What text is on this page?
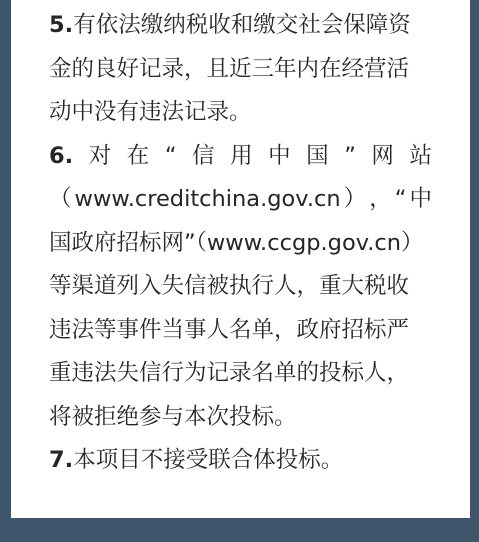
5.有依法缴纳税收和缴交社会保障资
金的良好记录，且近三年内在经营活
动中没有违法记录。
6. 对 在 “ 信 用 中 国 ” 网 站
（ www.creditchina.gov.cn ） ， “ 中
国政府招标网”（www.ccgp.gov.cn）
等渠道列入失信被执行人，重大税收
违法等事件当事人名单，政府招标严
重违法失信行为记录名单的投标人，
将被拒绝参与本次投标。
7.本项目不接受联合体投标。
